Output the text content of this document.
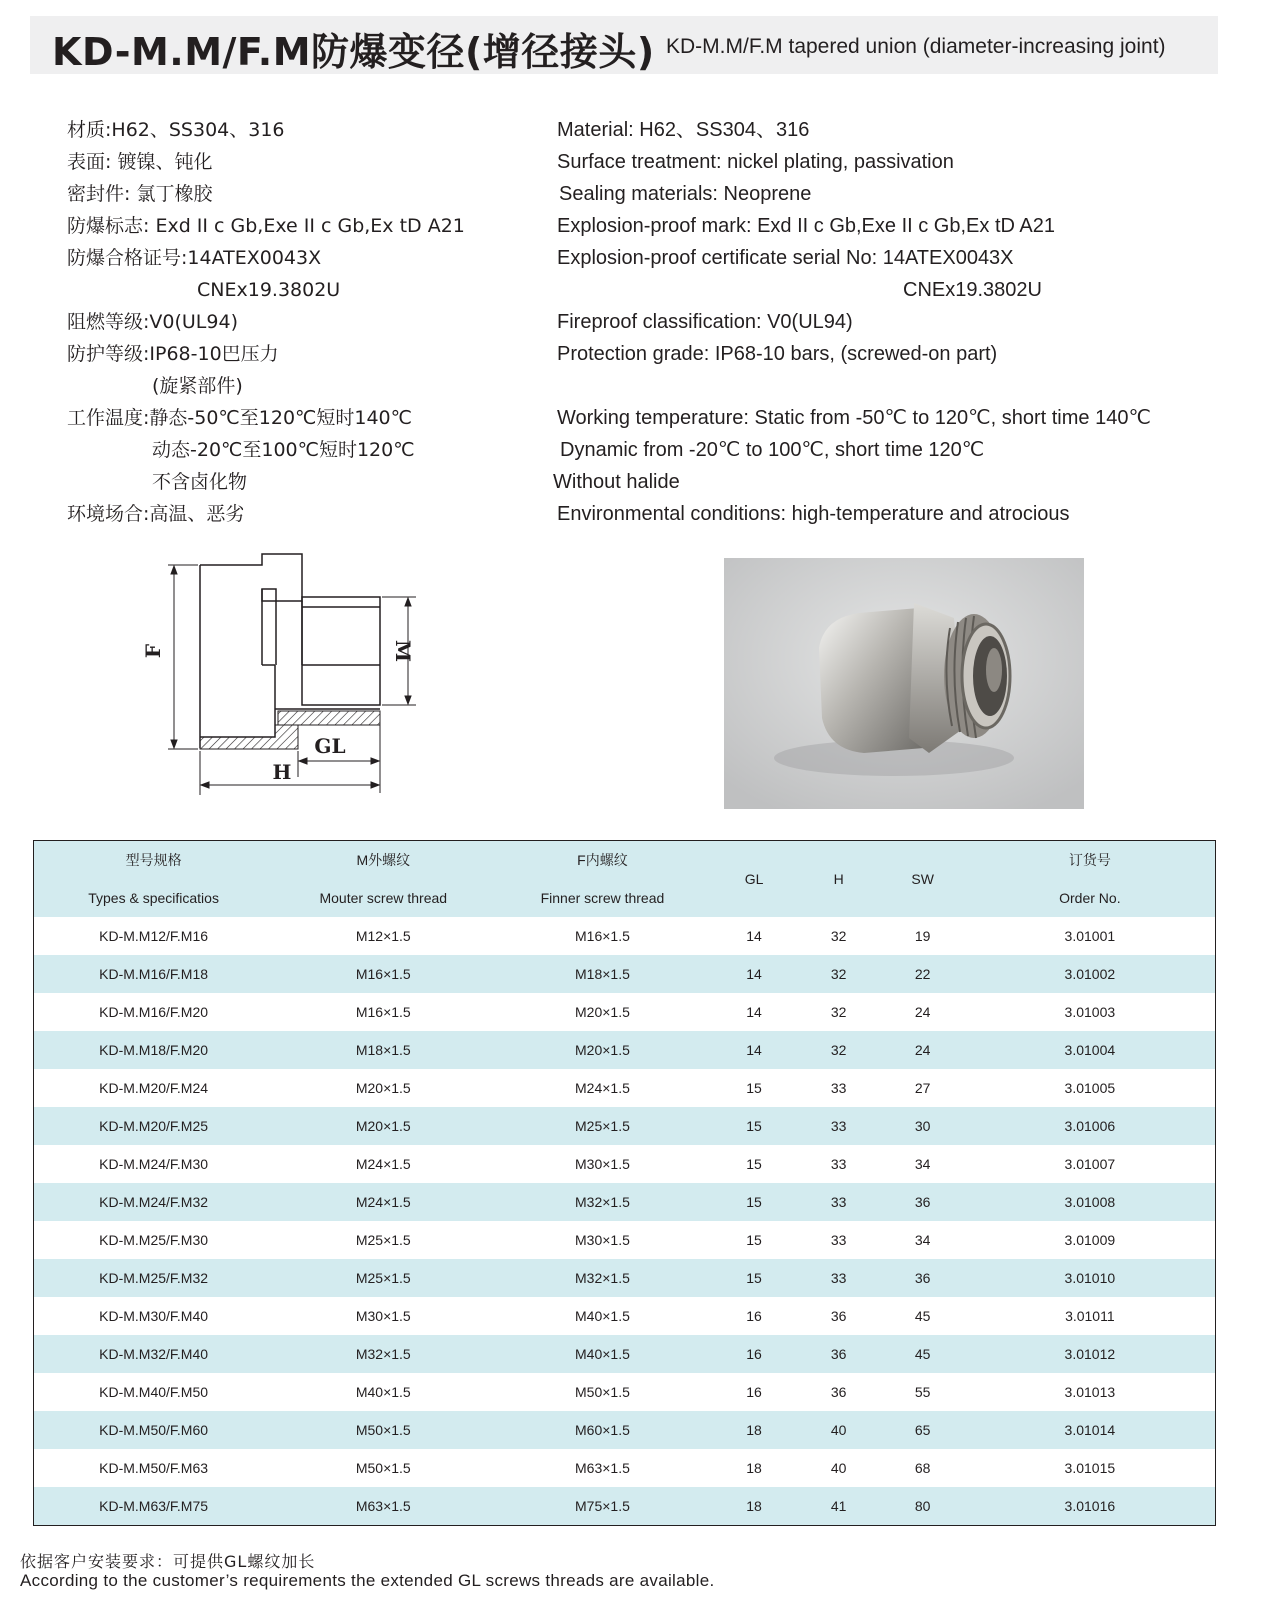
KD-M.M/F.M防爆变径(增径接头) KD-M.M/F.M tapered union (diameter-increasing joint)
材质:H62、SS304、316
表面: 镀镍、钝化
密封件: 氯丁橡胶
防爆标志: Exd II c Gb,Exe II c Gb,Ex tD A21
防爆合格证号:14ATEX0043X
CNEx19.3802U
阻燃等级:V0(UL94)
防护等级:IP68-10巴压力
(旋紧部件)
工作温度:静态-50℃至120℃短时140℃
动态-20℃至100℃短时120℃
不含卤化物
环境场合:高温、恶劣
Material: H62、SS304、316
Surface treatment: nickel plating, passivation
Sealing materials: Neoprene
Explosion-proof mark: Exd II c Gb,Exe II c Gb,Ex tD A21
Explosion-proof certificate serial No: 14ATEX0043X
CNEx19.3802U
Fireproof classification: V0(UL94)
Protection grade: IP68-10 bars, (screwed-on part)
Working temperature: Static from -50℃ to 120℃, short time 140℃
Dynamic from -20℃ to 100℃, short time 120℃
Without halide
Environmental conditions: high-temperature and atrocious
F	M
GL
H
型号规格	M外螺纹	F内螺纹	GL	H	SW	订货号
Types & specificatios	Mouter screw thread	Finner screw thread				Order No.
KD-M.M12/F.M16	M12×1.5	M16×1.5	14	32	19	3.01001
KD-M.M16/F.M18	M16×1.5	M18×1.5	14	32	22	3.01002
KD-M.M16/F.M20	M16×1.5	M20×1.5	14	32	24	3.01003
KD-M.M18/F.M20	M18×1.5	M20×1.5	14	32	24	3.01004
KD-M.M20/F.M24	M20×1.5	M24×1.5	15	33	27	3.01005
KD-M.M20/F.M25	M20×1.5	M25×1.5	15	33	30	3.01006
KD-M.M24/F.M30	M24×1.5	M30×1.5	15	33	34	3.01007
KD-M.M24/F.M32	M24×1.5	M32×1.5	15	33	36	3.01008
KD-M.M25/F.M30	M25×1.5	M30×1.5	15	33	34	3.01009
KD-M.M25/F.M32	M25×1.5	M32×1.5	15	33	36	3.01010
KD-M.M30/F.M40	M30×1.5	M40×1.5	16	36	45	3.01011
KD-M.M32/F.M40	M32×1.5	M40×1.5	16	36	45	3.01012
KD-M.M40/F.M50	M40×1.5	M50×1.5	16	36	55	3.01013
KD-M.M50/F.M60	M50×1.5	M60×1.5	18	40	65	3.01014
KD-M.M50/F.M63	M50×1.5	M63×1.5	18	40	68	3.01015
KD-M.M63/F.M75	M63×1.5	M75×1.5	18	41	80	3.01016
依据客户安装要求：可提供GL螺纹加长
According to the customer’s requirements the extended GL screws threads are available.
